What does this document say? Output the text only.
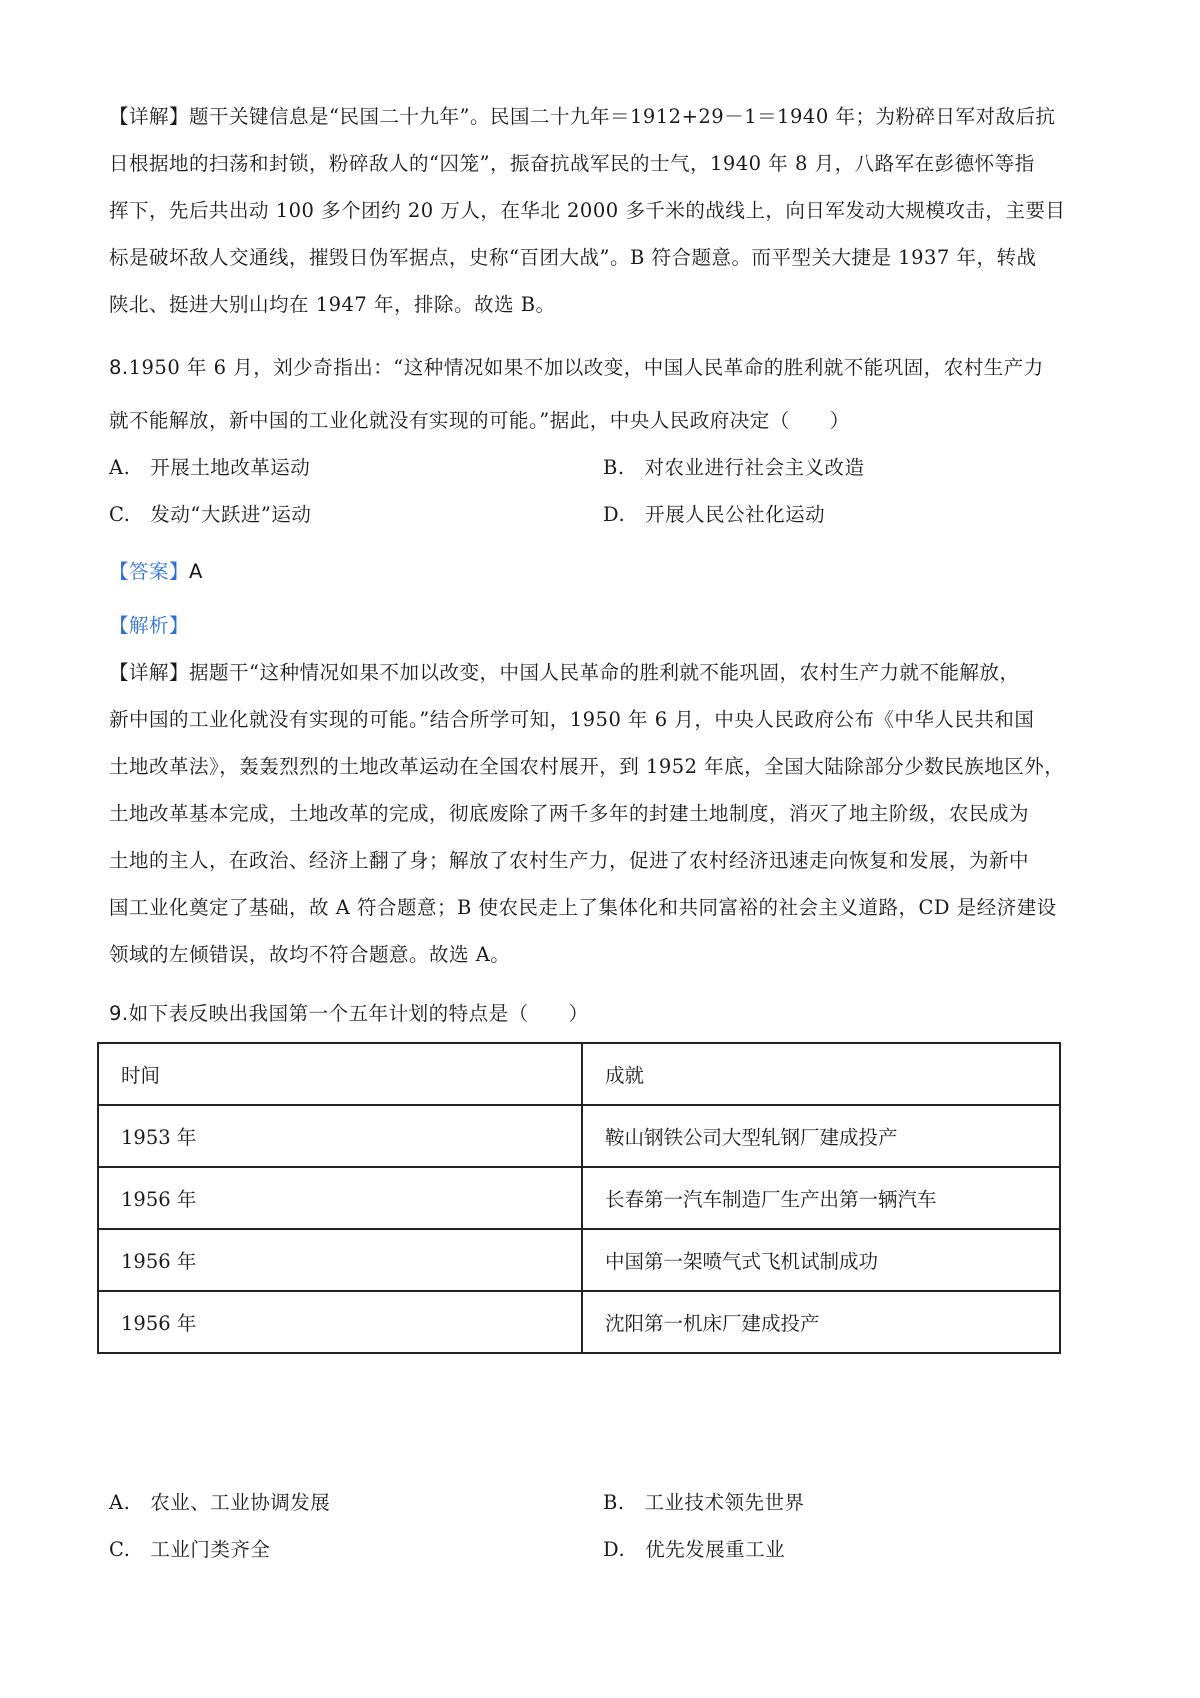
【详解】题干关键信息是“民国二十九年”。民国二十九年＝1912+29－1＝1940 年；为粉碎日军对敌后抗
日根据地的扫荡和封锁，粉碎敌人的“囚笼”，振奋抗战军民的士气，1940 年 8 月，八路军在彭德怀等指
挥下，先后共出动 100 多个团约 20 万人，在华北 2000 多千米的战线上，向日军发动大规模攻击，主要目
标是破坏敌人交通线，摧毁日伪军据点，史称“百团大战”。B 符合题意。而平型关大捷是 1937 年，转战
陕北、挺进大别山均在 1947 年，排除。故选 B。
8.1950 年 6 月，刘少奇指出：“这种情况如果不加以改变，中国人民革命的胜利就不能巩固，农村生产力
就不能解放，新中国的工业化就没有实现的可能。”据此，中央人民政府决定（　　）
A.　开展土地改革运动	B.　对农业进行社会主义改造
C.　发动“大跃进”运动	D.　开展人民公社化运动
【答案】A
【解析】
【详解】据题干“这种情况如果不加以改变，中国人民革命的胜利就不能巩固，农村生产力就不能解放，
新中国的工业化就没有实现的可能。”结合所学可知，1950 年 6 月，中央人民政府公布《中华人民共和国
土地改革法》，轰轰烈烈的土地改革运动在全国农村展开，到 1952 年底，全国大陆除部分少数民族地区外，
土地改革基本完成，土地改革的完成，彻底废除了两千多年的封建土地制度，消灭了地主阶级，农民成为
土地的主人，在政治、经济上翻了身；解放了农村生产力，促进了农村经济迅速走向恢复和发展，为新中
国工业化奠定了基础，故 A 符合题意；B 使农民走上了集体化和共同富裕的社会主义道路，CD 是经济建设
领域的左倾错误，故均不符合题意。故选 A。
9.如下表反映出我国第一个五年计划的特点是（　　）
时间	成就
1953 年	鞍山钢铁公司大型轧钢厂建成投产
1956 年	长春第一汽车制造厂生产出第一辆汽车
1956 年	中国第一架喷气式飞机试制成功
1956 年	沈阳第一机床厂建成投产
A.　农业、工业协调发展	B.　工业技术领先世界
C.　工业门类齐全	D.　优先发展重工业
